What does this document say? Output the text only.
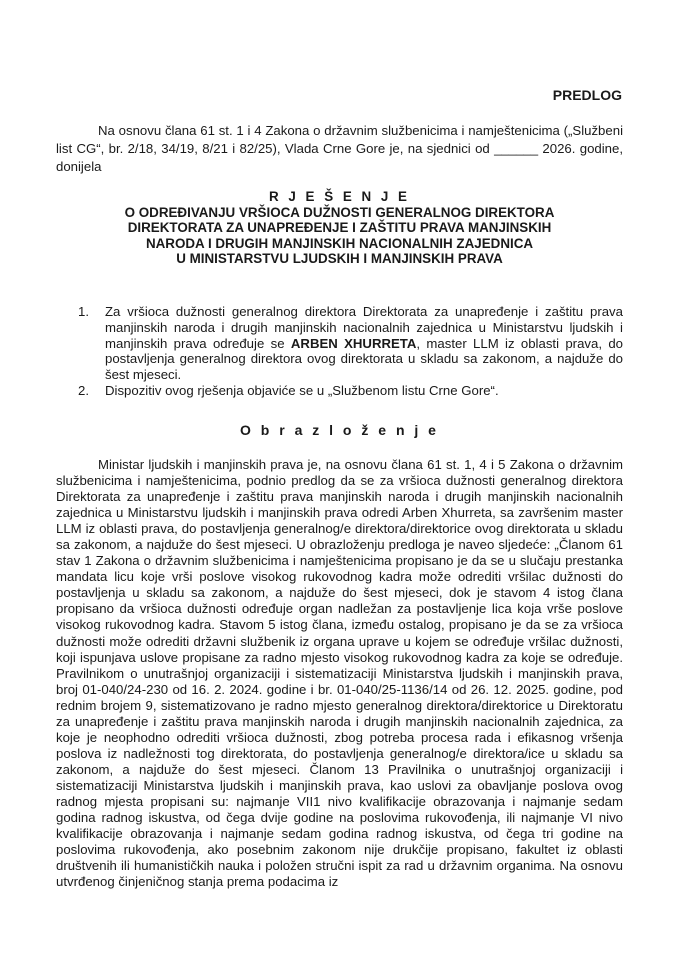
PREDLOG
Na osnovu člana 61 st. 1 i 4 Zakona o državnim službenicima i namještenicima („Službeni list CG“, br. 2/18, 34/19, 8/21 i 82/25), Vlada Crne Gore je, na sjednici od ______ 2026. godine, donijela
R J E Š E N J E
O ODREĐIVANJU VRŠIOCA DUŽNOSTI GENERALNOG DIREKTORA
DIREKTORATA ZA UNAPREĐENJE I ZAŠTITU PRAVA MANJINSKIH
NARODA I DRUGIH MANJINSKIH NACIONALNIH ZAJEDNICA
U MINISTARSTVU LJUDSKIH I MANJINSKIH PRAVA
1. Za vršioca dužnosti generalnog direktora Direktorata za unapređenje i zaštitu prava manjinskih naroda i drugih manjinskih nacionalnih zajednica u Ministarstvu ljudskih i manjinskih prava određuje se ARBEN XHURRETA, master LLM iz oblasti prava, do postavljenja generalnog direktora ovog direktorata u skladu sa zakonom, a najduže do šest mjeseci.
2. Dispozitiv ovog rješenja objaviće se u „Službenom listu Crne Gore“.
O b r a z l o ž e n j e
Ministar ljudskih i manjinskih prava je, na osnovu člana 61 st. 1, 4 i 5 Zakona o državnim službenicima i namještenicima, podnio predlog da se za vršioca dužnosti generalnog direktora Direktorata za unapređenje i zaštitu prava manjinskih naroda i drugih manjinskih nacionalnih zajednica u Ministarstvu ljudskih i manjinskih prava odredi Arben Xhurreta, sa završenim master LLM iz oblasti prava, do postavljenja generalnog/e direktora/direktorice ovog direktorata u skladu sa zakonom, a najduže do šest mjeseci. U obrazloženju predloga je naveo sljedeće: „Članom 61 stav 1 Zakona o državnim službenicima i namještenicima propisano je da se u slučaju prestanka mandata licu koje vrši poslove visokog rukovodnog kadra može odrediti vršilac dužnosti do postavljenja u skladu sa zakonom, a najduže do šest mjeseci, dok je stavom 4 istog člana propisano da vršioca dužnosti određuje organ nadležan za postavljenje lica koja vrše poslove visokog rukovodnog kadra. Stavom 5 istog člana, između ostalog, propisano je da se za vršioca dužnosti može odrediti državni službenik iz organa uprave u kojem se određuje vršilac dužnosti, koji ispunjava uslove propisane za radno mjesto visokog rukovodnog kadra za koje se određuje. Pravilnikom o unutrašnjoj organizaciji i sistematizaciji Ministarstva ljudskih i manjinskih prava, broj 01-040/24-230 od 16. 2. 2024. godine i br. 01-040/25-1136/14 od 26. 12. 2025. godine, pod rednim brojem 9, sistematizovano je radno mjesto generalnog direktora/direktorice u Direktoratu za unapređenje i zaštitu prava manjinskih naroda i drugih manjinskih nacionalnih zajednica, za koje je neophodno odrediti vršioca dužnosti, zbog potreba procesa rada i efikasnog vršenja poslova iz nadležnosti tog direktorata, do postavljenja generalnog/e direktora/ice u skladu sa zakonom, a najduže do šest mjeseci. Članom 13 Pravilnika o unutrašnjoj organizaciji i sistematizaciji Ministarstva ljudskih i manjinskih prava, kao uslovi za obavljanje poslova ovog radnog mjesta propisani su: najmanje VII1 nivo kvalifikacije obrazovanja i najmanje sedam godina radnog iskustva, od čega dvije godine na poslovima rukovođenja, ili najmanje VI nivo kvalifikacije obrazovanja i najmanje sedam godina radnog iskustva, od čega tri godine na poslovima rukovođenja, ako posebnim zakonom nije drukčije propisano, fakultet iz oblasti društvenih ili humanističkih nauka i položen stručni ispit za rad u državnim organima. Na osnovu utvrđenog činjeničnog stanja prema podacima iz
